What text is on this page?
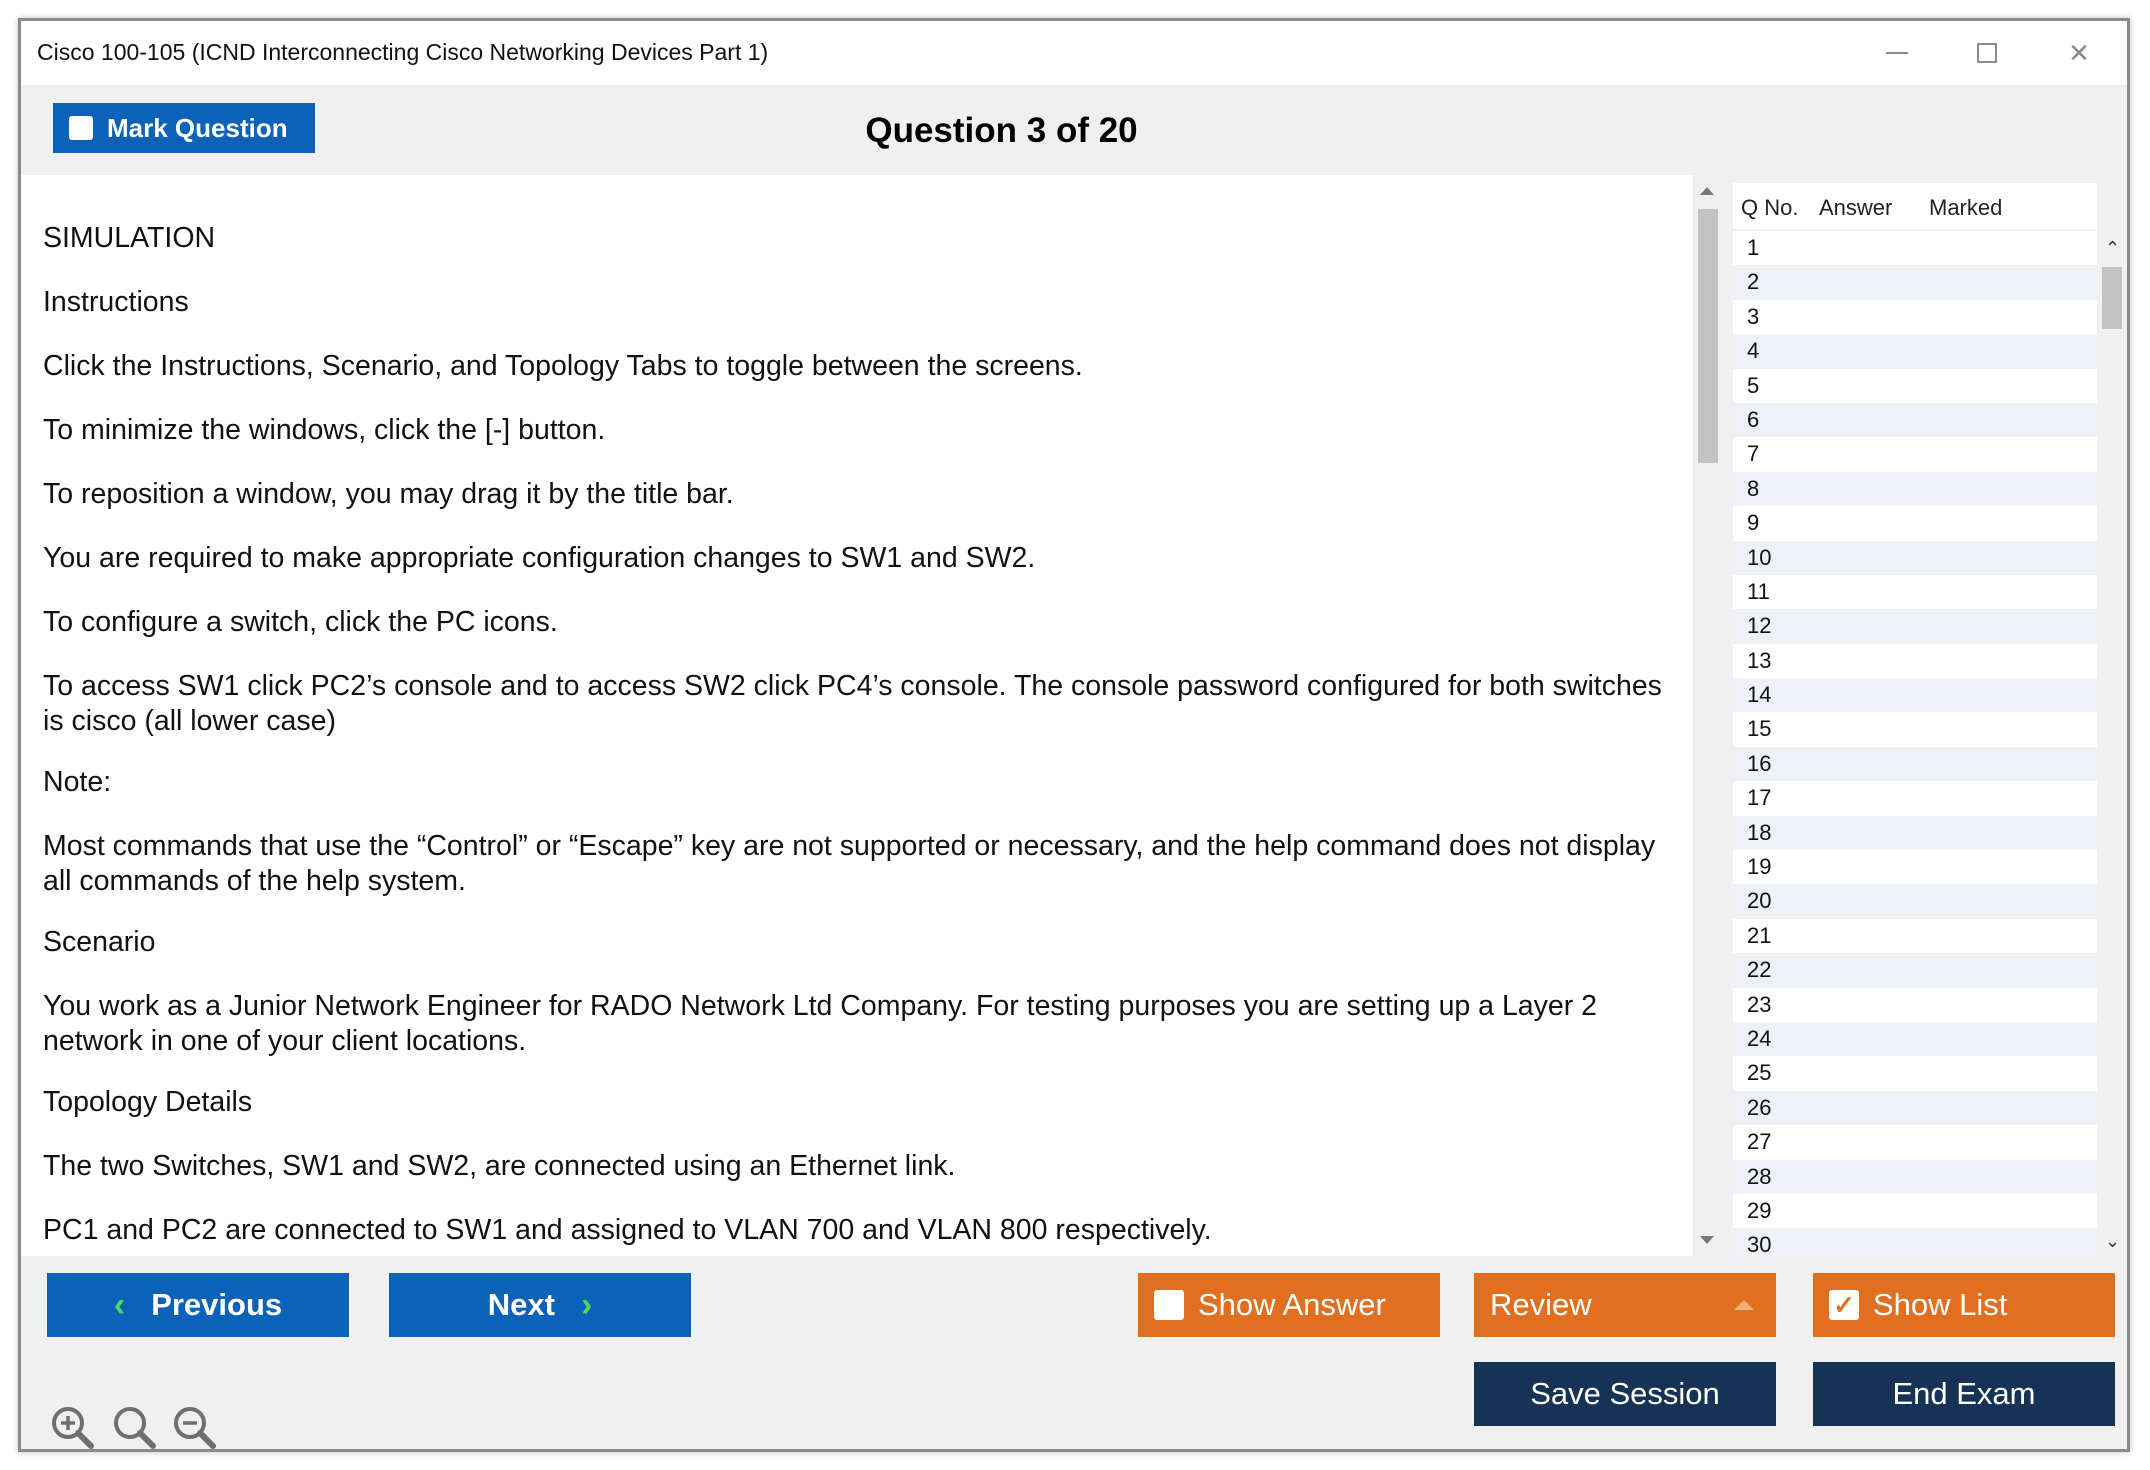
Cisco 100-105 (ICND Interconnecting Cisco Networking Devices Part 1)	✕
Mark Question	Question 3 of 20

SIMULATION

Instructions

Click the Instructions, Scenario, and Topology Tabs to toggle between the screens.

To minimize the windows, click the [-] button.

To reposition a window, you may drag it by the title bar.

You are required to make appropriate configuration changes to SW1 and SW2.

To configure a switch, click the PC icons.

To access SW1 click PC2’s console and to access SW2 click PC4’s console. The console password configured for both switches is cisco (all lower case)

Note:

Most commands that use the “Control” or “Escape” key are not supported or necessary, and the help command does not display all commands of the help system.

Scenario

You work as a Junior Network Engineer for RADO Network Ltd Company. For testing purposes you are setting up a Layer 2 network in one of your client locations.

Topology Details

The two Switches, SW1 and SW2, are connected using an Ethernet link.

PC1 and PC2 are connected to SW1 and assigned to VLAN 700 and VLAN 800 respectively.

Q No. Answer Marked
1
2
3
4
5
6
7
8
9
10
11
12
13
14
15
16
17
18
19
20
21
22
23
24
25
26
27
28
29
30
⌃
⌄
‹ Previous	Next ›	Show Answer	Review	✓ Show List
Save Session	End Exam
